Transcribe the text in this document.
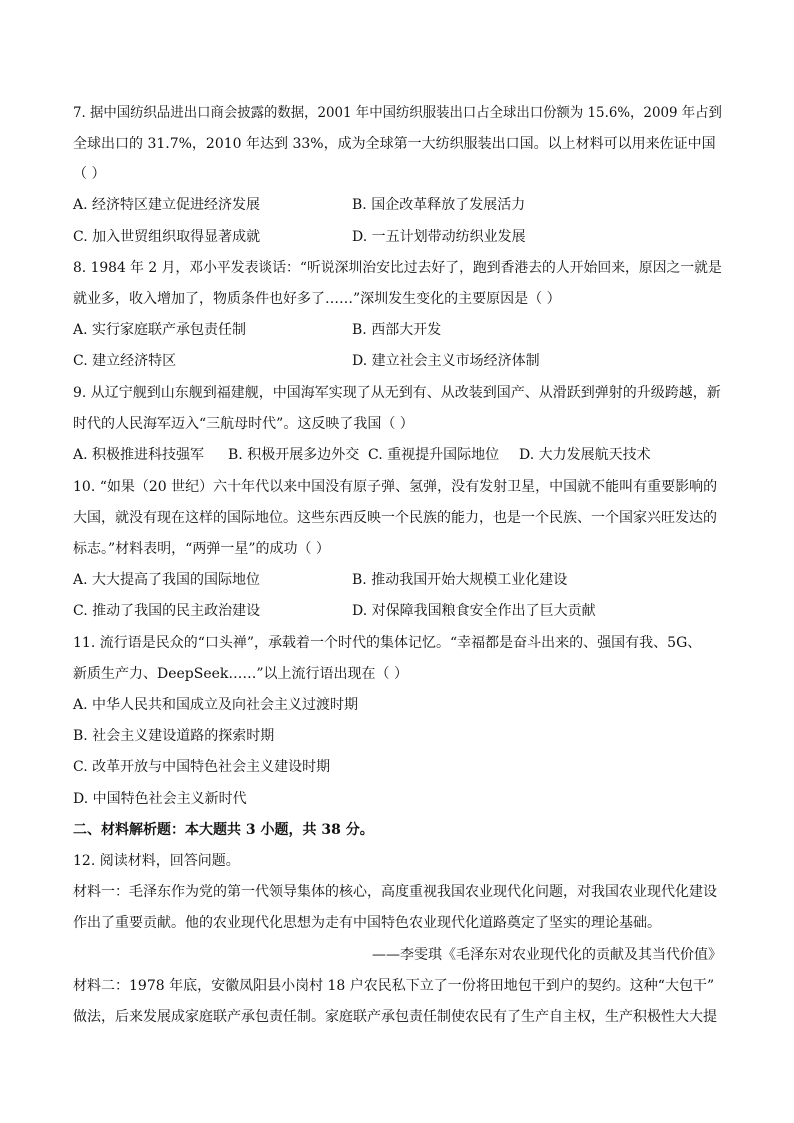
7. 据中国纺织品进出口商会披露的数据，2001 年中国纺织服装出口占全球出口份额为 15.6%，2009 年占到
全球出口的 31.7%，2010 年达到 33%，成为全球第一大纺织服装出口国。以上材料可以用来佐证中国
（ ）
A. 经济特区建立促进经济发展	B. 国企改革释放了发展活力
C. 加入世贸组织取得显著成就	D. 一五计划带动纺织业发展
8. 1984 年 2 月，邓小平发表谈话：“听说深圳治安比过去好了，跑到香港去的人开始回来，原因之一就是
就业多，收入增加了，物质条件也好多了……”深圳发生变化的主要原因是（ ）
A. 实行家庭联产承包责任制	B. 西部大开发
C. 建立经济特区	D. 建立社会主义市场经济体制
9. 从辽宁舰到山东舰到福建舰，中国海军实现了从无到有、从改装到国产、从滑跃到弹射的升级跨越，新
时代的人民海军迈入“三航母时代”。这反映了我国（ ）
A. 积极推进科技强军 B. 积极开展多边外交 C. 重视提升国际地位 D. 大力发展航天技术
10. “如果（20 世纪）六十年代以来中国没有原子弹、氢弹，没有发射卫星，中国就不能叫有重要影响的
大国，就没有现在这样的国际地位。这些东西反映一个民族的能力，也是一个民族、一个国家兴旺发达的
标志。”材料表明，“两弹一星”的成功（ ）
A. 大大提高了我国的国际地位	B. 推动我国开始大规模工业化建设
C. 推动了我国的民主政治建设	D. 对保障我国粮食安全作出了巨大贡献
11. 流行语是民众的“口头禅”，承载着一个时代的集体记忆。“幸福都是奋斗出来的、强国有我、5G、
新质生产力、DeepSeek……”以上流行语出现在（ ）
A. 中华人民共和国成立及向社会主义过渡时期
B. 社会主义建设道路的探索时期
C. 改革开放与中国特色社会主义建设时期
D. 中国特色社会主义新时代
二、材料解析题：本大题共 3 小题，共 38 分。
12. 阅读材料，回答问题。
材料一：毛泽东作为党的第一代领导集体的核心，高度重视我国农业现代化问题，对我国农业现代化建设
作出了重要贡献。他的农业现代化思想为走有中国特色农业现代化道路奠定了坚实的理论基础。
——李雯琪《毛泽东对农业现代化的贡献及其当代价值》
材料二：1978 年底，安徽凤阳县小岗村 18 户农民私下立了一份将田地包干到户的契约。这种“大包干”
做法，后来发展成家庭联产承包责任制。家庭联产承包责任制使农民有了生产自主权，生产积极性大大提
